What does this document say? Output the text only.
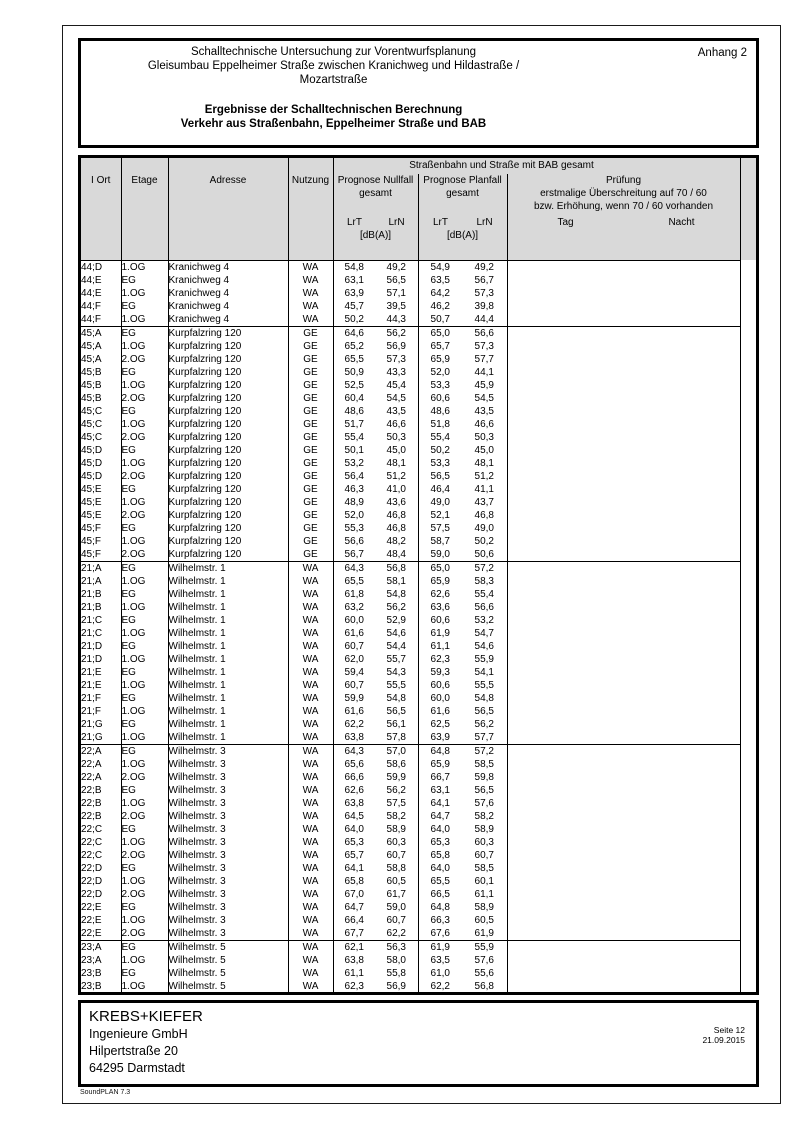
Schalltechnische Untersuchung zur Vorentwurfsplanung
Gleisumbau Eppelheimer Straße zwischen Kranichweg und Hildastraße /
Mozartstraße
Anhang 2
Ergebnisse der Schalltechnischen Berechnung
Verkehr aus Straßenbahn, Eppelheimer Straße und BAB
I Ort	Etage	Adresse	Nutzung	Straßenbahn und Straße mit BAB gesamt					

Prognose Nullfall
gesamt
LrT	LrN
[dB(A)]

Prognose Planfall
gesamt
LrT	LrN
[dB(A)]

Prüfung
erstmalige Überschreitung auf 70 / 60
bzw. Erhöhung, wenn 70 / 60 vorhanden
Tag	Nacht

44;D	1.OG	Kranichweg 4	WA	54,8	49,2	54,9	49,2		
44;E	EG	Kranichweg 4	WA	63,1	56,5	63,5	56,7		
44;E	1.OG	Kranichweg 4	WA	63,9	57,1	64,2	57,3		
44;F	EG	Kranichweg 4	WA	45,7	39,5	46,2	39,8		
44;F	1.OG	Kranichweg 4	WA	50,2	44,3	50,7	44,4		
45;A	EG	Kurpfalzring 120	GE	64,6	56,2	65,0	56,6		
45;A	1.OG	Kurpfalzring 120	GE	65,2	56,9	65,7	57,3		
45;A	2.OG	Kurpfalzring 120	GE	65,5	57,3	65,9	57,7		
45;B	EG	Kurpfalzring 120	GE	50,9	43,3	52,0	44,1		
45;B	1.OG	Kurpfalzring 120	GE	52,5	45,4	53,3	45,9		
45;B	2.OG	Kurpfalzring 120	GE	60,4	54,5	60,6	54,5		
45;C	EG	Kurpfalzring 120	GE	48,6	43,5	48,6	43,5		
45;C	1.OG	Kurpfalzring 120	GE	51,7	46,6	51,8	46,6		
45;C	2.OG	Kurpfalzring 120	GE	55,4	50,3	55,4	50,3		
45;D	EG	Kurpfalzring 120	GE	50,1	45,0	50,2	45,0		
45;D	1.OG	Kurpfalzring 120	GE	53,2	48,1	53,3	48,1		
45;D	2.OG	Kurpfalzring 120	GE	56,4	51,2	56,5	51,2		
45;E	EG	Kurpfalzring 120	GE	46,3	41,0	46,4	41,1		
45;E	1.OG	Kurpfalzring 120	GE	48,9	43,6	49,0	43,7		
45;E	2.OG	Kurpfalzring 120	GE	52,0	46,8	52,1	46,8		
45;F	EG	Kurpfalzring 120	GE	55,3	46,8	57,5	49,0		
45;F	1.OG	Kurpfalzring 120	GE	56,6	48,2	58,7	50,2		
45;F	2.OG	Kurpfalzring 120	GE	56,7	48,4	59,0	50,6		
21;A	EG	Wilhelmstr. 1	WA	64,3	56,8	65,0	57,2		
21;A	1.OG	Wilhelmstr. 1	WA	65,5	58,1	65,9	58,3		
21;B	EG	Wilhelmstr. 1	WA	61,8	54,8	62,6	55,4		
21;B	1.OG	Wilhelmstr. 1	WA	63,2	56,2	63,6	56,6		
21;C	EG	Wilhelmstr. 1	WA	60,0	52,9	60,6	53,2		
21;C	1.OG	Wilhelmstr. 1	WA	61,6	54,6	61,9	54,7		
21;D	EG	Wilhelmstr. 1	WA	60,7	54,4	61,1	54,6		
21;D	1.OG	Wilhelmstr. 1	WA	62,0	55,7	62,3	55,9		
21;E	EG	Wilhelmstr. 1	WA	59,4	54,3	59,3	54,1		
21;E	1.OG	Wilhelmstr. 1	WA	60,7	55,5	60,6	55,5		
21;F	EG	Wilhelmstr. 1	WA	59,9	54,8	60,0	54,8		
21;F	1.OG	Wilhelmstr. 1	WA	61,6	56,5	61,6	56,5		
21;G	EG	Wilhelmstr. 1	WA	62,2	56,1	62,5	56,2		
21;G	1.OG	Wilhelmstr. 1	WA	63,8	57,8	63,9	57,7		
22;A	EG	Wilhelmstr. 3	WA	64,3	57,0	64,8	57,2		
22;A	1.OG	Wilhelmstr. 3	WA	65,6	58,6	65,9	58,5		
22;A	2.OG	Wilhelmstr. 3	WA	66,6	59,9	66,7	59,8		
22;B	EG	Wilhelmstr. 3	WA	62,6	56,2	63,1	56,5		
22;B	1.OG	Wilhelmstr. 3	WA	63,8	57,5	64,1	57,6		
22;B	2.OG	Wilhelmstr. 3	WA	64,5	58,2	64,7	58,2		
22;C	EG	Wilhelmstr. 3	WA	64,0	58,9	64,0	58,9		
22;C	1.OG	Wilhelmstr. 3	WA	65,3	60,3	65,3	60,3		
22;C	2.OG	Wilhelmstr. 3	WA	65,7	60,7	65,8	60,7		
22;D	EG	Wilhelmstr. 3	WA	64,1	58,8	64,0	58,5		
22;D	1.OG	Wilhelmstr. 3	WA	65,8	60,5	65,5	60,1		
22;D	2.OG	Wilhelmstr. 3	WA	67,0	61,7	66,5	61,1		
22;E	EG	Wilhelmstr. 3	WA	64,7	59,0	64,8	58,9		
22;E	1.OG	Wilhelmstr. 3	WA	66,4	60,7	66,3	60,5		
22;E	2.OG	Wilhelmstr. 3	WA	67,7	62,2	67,6	61,9		
23;A	EG	Wilhelmstr. 5	WA	62,1	56,3	61,9	55,9		
23;A	1.OG	Wilhelmstr. 5	WA	63,8	58,0	63,5	57,6		
23;B	EG	Wilhelmstr. 5	WA	61,1	55,8	61,0	55,6		
23;B	1.OG	Wilhelmstr. 5	WA	62,3	56,9	62,2	56,8		
KREBS+KIEFER
Ingenieure GmbH
Hilpertstraße 20
64295 Darmstadt
Seite 12
21.09.2015
SoundPLAN 7.3
